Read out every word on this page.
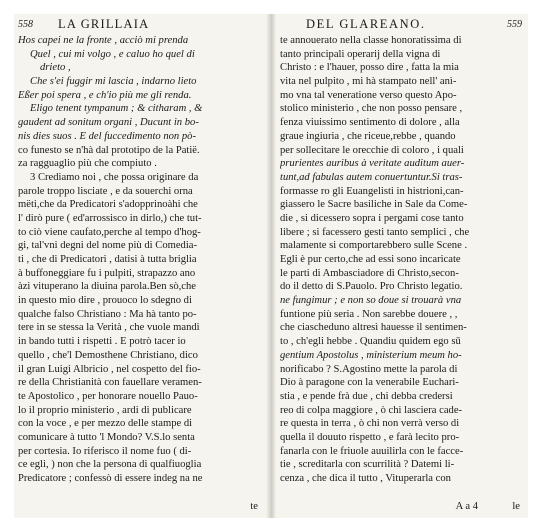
558 LA GRILLAIA
Hos capei ne la fronte , acciò mi prenda
Quel , cui mi volgo , e caluo ho quel di
drieto ,
Che s'ei fuggir mi lascia , indarno lieto
Eßer poi spera , e ch'io più me gli renda.
Eligo tenent tympanum ; & citharam , &
gaudent ad sonitum organi , Ducunt in bo-
nis dies suos . E del fuccedimento non pò-
co funesto se n'hà dal prototipo de la Patië.
za ragguaglio più che compiuto .
3 Crediamo noi , che possa originare da
parole troppo lisciate , e da souerchi orna
mëti,che da Predicatori s'adopprinoàhi che
l' dirò pure ( ed'arrossisco in dirlo,) che tut-
to ciò viene caufato,perche al tempo d'hog-
gi, tal'vni degni del nome più di Comedia-
ti , che di Predicatori , datisi à tutta briglia
à buffoneggiare fu i pulpiti, strapazzo ano
àzi vituperano la diuina parola.Ben sò,che
in questo mio dire , prouoco lo sdegno di
qualche falso Christiano : Ma hà tanto po-
tere in se stessa la Verità , che vuole mandi
in bando tutti i rispetti . E potrò tacer io
quello , che'l Demosthene Christiano, dico
il gran Luigi Albricio , nel cospetto del fio-
re della Christianità con fauellare veramen-
te Apostolico , per honorare nouello Pauo-
lo il proprio ministerio , ardi di publicare
con la voce , e per mezzo delle stampe di
comunicare à tutto 'l Mondo? V.S.lo senta
per cortesia. Io riferisco il nome fuo ( di-
ce egli, ) non che la persona di qualfiuoglia
Predicatore ; confessò di essere indeg na ne
te
DEL GLAREANO.	559
te annouerato nella classe honoratissima di
tanto principali operarij della vigna di
Christo : e l'hauer, posso dire , fatta la mia
vita nel pulpito , mi hà stampato nell' anì-
mo vna tal veneratione verso questo Apo-
stolico ministerio , che non posso pensare ,
fenza viuissimo sentimento di dolore , alla
graue ingiuria , che riceue,rebbe , quando
per sollecitare le orecchie di coloro , i quali
prurientes auribus à veritate auditum auer-
tunt,ad fabulas autem conuertuntur.Si tras-
formasse ro gli Euangelisti in histrioni,can-
giassero le Sacre basiliche in Sale da Come-
die , si dicessero sopra i pergami cose tanto
libere ; si facessero gesti tanto semplici , che
malamente si comportarebbero sulle Scene .
Egli è pur certo,che ad essi sono incaricate
le parti di Ambasciadore di Christo,secon-
do il detto di S.Pauolo. Pro Christo legatio.
ne fungimur ; e non so doue si trouarà vna
funtione più seria . Non sarebbe douere , ,
che ciascheduno altresì hauesse il sentimen-
to , ch'egli hebbe . Quandiu quidem ego sū
gentium Apostolus , ministerium meum ho-
norificabo ? S.Agostino mette la parola di
Dio à paragone con la venerabile Euchari-
stia , e pende frà due , chi debba credersi
reo di colpa maggiore , ò chi lasciera cade-
re questa in terra , ò chi non verrà verso di
quella il douuto rispetto , e farà lecito pro-
fanarla con le friuole auuilirla con le facce-
tie , screditarla con scurrilità ? Datemi li-
cenza , che dica il tutto , Vituperarla con
A a 4	le
